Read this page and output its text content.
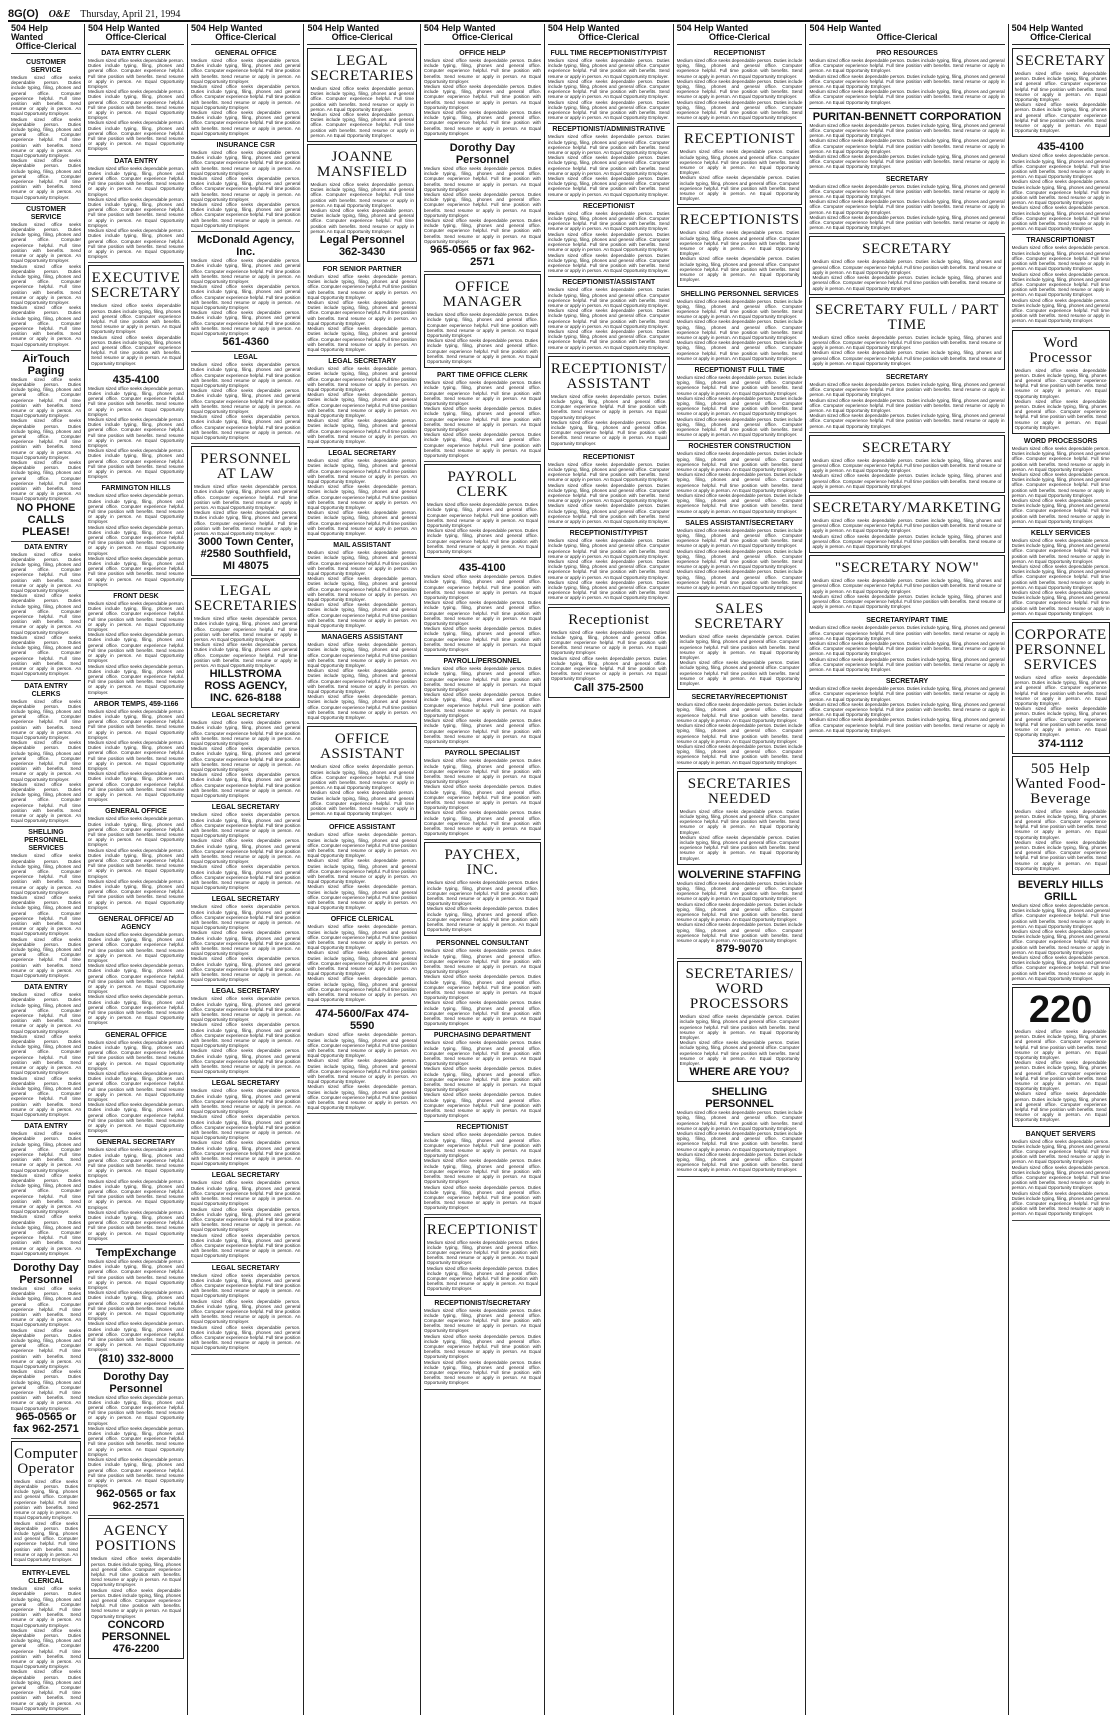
8G(O) O&E Thursday, April 21, 1994
504 Help Wanted
Office-Clerical
CUSTOMER SERVICE
Medium sized office seeks dependable person. Duties include typing, filing, phones and general office. Computer experience helpful. Full time position with benefits. Send resume or apply in person. An Equal Opportunity Employer.
Medium sized office seeks dependable person. Duties include typing, filing, phones and general office. Computer experience helpful. Full time position with benefits. Send resume or apply in person. An Equal Opportunity Employer.
Medium sized office seeks dependable person. Duties include typing, filing, phones and general office. Computer experience helpful. Full time position with benefits. Send resume or apply in person. An Equal Opportunity Employer.
CUSTOMER SERVICE
Medium sized office seeks dependable person. Duties include typing, filing, phones and general office. Computer experience helpful. Full time position with benefits. Send resume or apply in person. An Equal Opportunity Employer.
Medium sized office seeks dependable person. Duties include typing, filing, phones and general office. Computer experience helpful. Full time position with benefits. Send resume or apply in person. An Equal Opportunity Employer.
Medium sized office seeks dependable person. Duties include typing, filing, phones and general office. Computer experience helpful. Full time position with benefits. Send resume or apply in person. An Equal Opportunity Employer.
AirTouch Paging
Medium sized office seeks dependable person. Duties include typing, filing, phones and general office. Computer experience helpful. Full time position with benefits. Send resume or apply in person. An Equal Opportunity Employer.
Medium sized office seeks dependable person. Duties include typing, filing, phones and general office. Computer experience helpful. Full time position with benefits. Send resume or apply in person. An Equal Opportunity Employer.
Medium sized office seeks dependable person. Duties include typing, filing, phones and general office. Computer experience helpful. Full time position with benefits. Send resume or apply in person. An Equal Opportunity Employer.
NO PHONE CALLS PLEASE!
DATA ENTRY
Medium sized office seeks dependable person. Duties include typing, filing, phones and general office. Computer experience helpful. Full time position with benefits. Send resume or apply in person. An Equal Opportunity Employer.
Medium sized office seeks dependable person. Duties include typing, filing, phones and general office. Computer experience helpful. Full time position with benefits. Send resume or apply in person. An Equal Opportunity Employer.
Medium sized office seeks dependable person. Duties include typing, filing, phones and general office. Computer experience helpful. Full time position with benefits. Send resume or apply in person. An Equal Opportunity Employer.
DATA ENTRY CLERKS
Medium sized office seeks dependable person. Duties include typing, filing, phones and general office. Computer experience helpful. Full time position with benefits. Send resume or apply in person. An Equal Opportunity Employer.
Medium sized office seeks dependable person. Duties include typing, filing, phones and general office. Computer experience helpful. Full time position with benefits. Send resume or apply in person. An Equal Opportunity Employer.
Medium sized office seeks dependable person. Duties include typing, filing, phones and general office. Computer experience helpful. Full time position with benefits. Send resume or apply in person. An Equal Opportunity Employer.
SHELLING PERSONNEL SERVICES
Medium sized office seeks dependable person. Duties include typing, filing, phones and general office. Computer experience helpful. Full time position with benefits. Send resume or apply in person. An Equal Opportunity Employer.
Medium sized office seeks dependable person. Duties include typing, filing, phones and general office. Computer experience helpful. Full time position with benefits. Send resume or apply in person. An Equal Opportunity Employer.
Medium sized office seeks dependable person. Duties include typing, filing, phones and general office. Computer experience helpful. Full time position with benefits. Send resume or apply in person. An Equal Opportunity Employer.
DATA ENTRY
Medium sized office seeks dependable person. Duties include typing, filing, phones and general office. Computer experience helpful. Full time position with benefits. Send resume or apply in person. An Equal Opportunity Employer.
Medium sized office seeks dependable person. Duties include typing, filing, phones and general office. Computer experience helpful. Full time position with benefits. Send resume or apply in person. An Equal Opportunity Employer.
Medium sized office seeks dependable person. Duties include typing, filing, phones and general office. Computer experience helpful. Full time position with benefits. Send resume or apply in person. An Equal Opportunity Employer.
DATA ENTRY
Medium sized office seeks dependable person. Duties include typing, filing, phones and general office. Computer experience helpful. Full time position with benefits. Send resume or apply in person. An Equal Opportunity Employer.
Medium sized office seeks dependable person. Duties include typing, filing, phones and general office. Computer experience helpful. Full time position with benefits. Send resume or apply in person. An Equal Opportunity Employer.
Medium sized office seeks dependable person. Duties include typing, filing, phones and general office. Computer experience helpful. Full time position with benefits. Send resume or apply in person. An Equal Opportunity Employer.
Dorothy Day Personnel
Medium sized office seeks dependable person. Duties include typing, filing, phones and general office. Computer experience helpful. Full time position with benefits. Send resume or apply in person. An Equal Opportunity Employer.
Medium sized office seeks dependable person. Duties include typing, filing, phones and general office. Computer experience helpful. Full time position with benefits. Send resume or apply in person. An Equal Opportunity Employer.
Medium sized office seeks dependable person. Duties include typing, filing, phones and general office. Computer experience helpful. Full time position with benefits. Send resume or apply in person. An Equal Opportunity Employer.
965-0565 or fax 962-2571
Computer Operator
Medium sized office seeks dependable person. Duties include typing, filing, phones and general office. Computer experience helpful. Full time position with benefits. Send resume or apply in person. An Equal Opportunity Employer.
Medium sized office seeks dependable person. Duties include typing, filing, phones and general office. Computer experience helpful. Full time position with benefits. Send resume or apply in person. An Equal Opportunity Employer.
ENTRY-LEVEL CLERICAL
Medium sized office seeks dependable person. Duties include typing, filing, phones and general office. Computer experience helpful. Full time position with benefits. Send resume or apply in person. An Equal Opportunity Employer.
Medium sized office seeks dependable person. Duties include typing, filing, phones and general office. Computer experience helpful. Full time position with benefits. Send resume or apply in person. An Equal Opportunity Employer.
Medium sized office seeks dependable person. Duties include typing, filing, phones and general office. Computer experience helpful. Full time position with benefits. Send resume or apply in person. An Equal Opportunity Employer.
504 Help Wanted
Office-Clerical
DATA ENTRY CLERK
Medium sized office seeks dependable person. Duties include typing, filing, phones and general office. Computer experience helpful. Full time position with benefits. Send resume or apply in person. An Equal Opportunity Employer.
Medium sized office seeks dependable person. Duties include typing, filing, phones and general office. Computer experience helpful. Full time position with benefits. Send resume or apply in person. An Equal Opportunity Employer.
Medium sized office seeks dependable person. Duties include typing, filing, phones and general office. Computer experience helpful. Full time position with benefits. Send resume or apply in person. An Equal Opportunity Employer.
DATA ENTRY
Medium sized office seeks dependable person. Duties include typing, filing, phones and general office. Computer experience helpful. Full time position with benefits. Send resume or apply in person. An Equal Opportunity Employer.
Medium sized office seeks dependable person. Duties include typing, filing, phones and general office. Computer experience helpful. Full time position with benefits. Send resume or apply in person. An Equal Opportunity Employer.
Medium sized office seeks dependable person. Duties include typing, filing, phones and general office. Computer experience helpful. Full time position with benefits. Send resume or apply in person. An Equal Opportunity Employer.
EXECUTIVE SECRETARY
Medium sized office seeks dependable person. Duties include typing, filing, phones and general office. Computer experience helpful. Full time position with benefits. Send resume or apply in person. An Equal Opportunity Employer.
Medium sized office seeks dependable person. Duties include typing, filing, phones and general office. Computer experience helpful. Full time position with benefits. Send resume or apply in person. An Equal Opportunity Employer.
435-4100
Medium sized office seeks dependable person. Duties include typing, filing, phones and general office. Computer experience helpful. Full time position with benefits. Send resume or apply in person. An Equal Opportunity Employer.
Medium sized office seeks dependable person. Duties include typing, filing, phones and general office. Computer experience helpful. Full time position with benefits. Send resume or apply in person. An Equal Opportunity Employer.
Medium sized office seeks dependable person. Duties include typing, filing, phones and general office. Computer experience helpful. Full time position with benefits. Send resume or apply in person. An Equal Opportunity Employer.
FARMINGTON HILLS
Medium sized office seeks dependable person. Duties include typing, filing, phones and general office. Computer experience helpful. Full time position with benefits. Send resume or apply in person. An Equal Opportunity Employer.
Medium sized office seeks dependable person. Duties include typing, filing, phones and general office. Computer experience helpful. Full time position with benefits. Send resume or apply in person. An Equal Opportunity Employer.
Medium sized office seeks dependable person. Duties include typing, filing, phones and general office. Computer experience helpful. Full time position with benefits. Send resume or apply in person. An Equal Opportunity Employer.
FRONT DESK
Medium sized office seeks dependable person. Duties include typing, filing, phones and general office. Computer experience helpful. Full time position with benefits. Send resume or apply in person. An Equal Opportunity Employer.
Medium sized office seeks dependable person. Duties include typing, filing, phones and general office. Computer experience helpful. Full time position with benefits. Send resume or apply in person. An Equal Opportunity Employer.
Medium sized office seeks dependable person. Duties include typing, filing, phones and general office. Computer experience helpful. Full time position with benefits. Send resume or apply in person. An Equal Opportunity Employer.
ARBOR TEMPS, 459-1166
Medium sized office seeks dependable person. Duties include typing, filing, phones and general office. Computer experience helpful. Full time position with benefits. Send resume or apply in person. An Equal Opportunity Employer.
Medium sized office seeks dependable person. Duties include typing, filing, phones and general office. Computer experience helpful. Full time position with benefits. Send resume or apply in person. An Equal Opportunity Employer.
Medium sized office seeks dependable person. Duties include typing, filing, phones and general office. Computer experience helpful. Full time position with benefits. Send resume or apply in person. An Equal Opportunity Employer.
GENERAL OFFICE
Medium sized office seeks dependable person. Duties include typing, filing, phones and general office. Computer experience helpful. Full time position with benefits. Send resume or apply in person. An Equal Opportunity Employer.
Medium sized office seeks dependable person. Duties include typing, filing, phones and general office. Computer experience helpful. Full time position with benefits. Send resume or apply in person. An Equal Opportunity Employer.
Medium sized office seeks dependable person. Duties include typing, filing, phones and general office. Computer experience helpful. Full time position with benefits. Send resume or apply in person. An Equal Opportunity Employer.
GENERAL OFFICE/ AD AGENCY
Medium sized office seeks dependable person. Duties include typing, filing, phones and general office. Computer experience helpful. Full time position with benefits. Send resume or apply in person. An Equal Opportunity Employer.
Medium sized office seeks dependable person. Duties include typing, filing, phones and general office. Computer experience helpful. Full time position with benefits. Send resume or apply in person. An Equal Opportunity Employer.
Medium sized office seeks dependable person. Duties include typing, filing, phones and general office. Computer experience helpful. Full time position with benefits. Send resume or apply in person. An Equal Opportunity Employer.
GENERAL OFFICE
Medium sized office seeks dependable person. Duties include typing, filing, phones and general office. Computer experience helpful. Full time position with benefits. Send resume or apply in person. An Equal Opportunity Employer.
Medium sized office seeks dependable person. Duties include typing, filing, phones and general office. Computer experience helpful. Full time position with benefits. Send resume or apply in person. An Equal Opportunity Employer.
Medium sized office seeks dependable person. Duties include typing, filing, phones and general office. Computer experience helpful. Full time position with benefits. Send resume or apply in person. An Equal Opportunity Employer.
GENERAL SECRETARY
Medium sized office seeks dependable person. Duties include typing, filing, phones and general office. Computer experience helpful. Full time position with benefits. Send resume or apply in person. An Equal Opportunity Employer.
Medium sized office seeks dependable person. Duties include typing, filing, phones and general office. Computer experience helpful. Full time position with benefits. Send resume or apply in person. An Equal Opportunity Employer.
Medium sized office seeks dependable person. Duties include typing, filing, phones and general office. Computer experience helpful. Full time position with benefits. Send resume or apply in person. An Equal Opportunity Employer.
TempExchange
Medium sized office seeks dependable person. Duties include typing, filing, phones and general office. Computer experience helpful. Full time position with benefits. Send resume or apply in person. An Equal Opportunity Employer.
Medium sized office seeks dependable person. Duties include typing, filing, phones and general office. Computer experience helpful. Full time position with benefits. Send resume or apply in person. An Equal Opportunity Employer.
Medium sized office seeks dependable person. Duties include typing, filing, phones and general office. Computer experience helpful. Full time position with benefits. Send resume or apply in person. An Equal Opportunity Employer.
(810) 332-8000
Dorothy Day Personnel
Medium sized office seeks dependable person. Duties include typing, filing, phones and general office. Computer experience helpful. Full time position with benefits. Send resume or apply in person. An Equal Opportunity Employer.
Medium sized office seeks dependable person. Duties include typing, filing, phones and general office. Computer experience helpful. Full time position with benefits. Send resume or apply in person. An Equal Opportunity Employer.
Medium sized office seeks dependable person. Duties include typing, filing, phones and general office. Computer experience helpful. Full time position with benefits. Send resume or apply in person. An Equal Opportunity Employer.
962-0565 or fax 962-2571
AGENCY POSITIONS
Medium sized office seeks dependable person. Duties include typing, filing, phones and general office. Computer experience helpful. Full time position with benefits. Send resume or apply in person. An Equal Opportunity Employer.
Medium sized office seeks dependable person. Duties include typing, filing, phones and general office. Computer experience helpful. Full time position with benefits. Send resume or apply in person. An Equal Opportunity Employer.
CONCORD PERSONNEL 476-2200
504 Help Wanted
Office-Clerical
GENERAL OFFICE
Medium sized office seeks dependable person. Duties include typing, filing, phones and general office. Computer experience helpful. Full time position with benefits. Send resume or apply in person. An Equal Opportunity Employer.
Medium sized office seeks dependable person. Duties include typing, filing, phones and general office. Computer experience helpful. Full time position with benefits. Send resume or apply in person. An Equal Opportunity Employer.
Medium sized office seeks dependable person. Duties include typing, filing, phones and general office. Computer experience helpful. Full time position with benefits. Send resume or apply in person. An Equal Opportunity Employer.
INSURANCE CSR
Medium sized office seeks dependable person. Duties include typing, filing, phones and general office. Computer experience helpful. Full time position with benefits. Send resume or apply in person. An Equal Opportunity Employer.
Medium sized office seeks dependable person. Duties include typing, filing, phones and general office. Computer experience helpful. Full time position with benefits. Send resume or apply in person. An Equal Opportunity Employer.
Medium sized office seeks dependable person. Duties include typing, filing, phones and general office. Computer experience helpful. Full time position with benefits. Send resume or apply in person. An Equal Opportunity Employer.
McDonald Agency, Inc.
Medium sized office seeks dependable person. Duties include typing, filing, phones and general office. Computer experience helpful. Full time position with benefits. Send resume or apply in person. An Equal Opportunity Employer.
Medium sized office seeks dependable person. Duties include typing, filing, phones and general office. Computer experience helpful. Full time position with benefits. Send resume or apply in person. An Equal Opportunity Employer.
Medium sized office seeks dependable person. Duties include typing, filing, phones and general office. Computer experience helpful. Full time position with benefits. Send resume or apply in person. An Equal Opportunity Employer.
561-4360
LEGAL
Medium sized office seeks dependable person. Duties include typing, filing, phones and general office. Computer experience helpful. Full time position with benefits. Send resume or apply in person. An Equal Opportunity Employer.
Medium sized office seeks dependable person. Duties include typing, filing, phones and general office. Computer experience helpful. Full time position with benefits. Send resume or apply in person. An Equal Opportunity Employer.
Medium sized office seeks dependable person. Duties include typing, filing, phones and general office. Computer experience helpful. Full time position with benefits. Send resume or apply in person. An Equal Opportunity Employer.
PERSONNEL AT LAW
Medium sized office seeks dependable person. Duties include typing, filing, phones and general office. Computer experience helpful. Full time position with benefits. Send resume or apply in person. An Equal Opportunity Employer.
Medium sized office seeks dependable person. Duties include typing, filing, phones and general office. Computer experience helpful. Full time position with benefits. Send resume or apply in person. An Equal Opportunity Employer.
3000 Town Center, #2580 Southfield, MI 48075
LEGAL SECRETARIES
Medium sized office seeks dependable person. Duties include typing, filing, phones and general office. Computer experience helpful. Full time position with benefits. Send resume or apply in person. An Equal Opportunity Employer.
Medium sized office seeks dependable person. Duties include typing, filing, phones and general office. Computer experience helpful. Full time position with benefits. Send resume or apply in person. An Equal Opportunity Employer.
HILLSTROMA ROSS AGENCY, INC. 626-8188
LEGAL SECRETARY
Medium sized office seeks dependable person. Duties include typing, filing, phones and general office. Computer experience helpful. Full time position with benefits. Send resume or apply in person. An Equal Opportunity Employer.
Medium sized office seeks dependable person. Duties include typing, filing, phones and general office. Computer experience helpful. Full time position with benefits. Send resume or apply in person. An Equal Opportunity Employer.
Medium sized office seeks dependable person. Duties include typing, filing, phones and general office. Computer experience helpful. Full time position with benefits. Send resume or apply in person. An Equal Opportunity Employer.
LEGAL SECRETARY
Medium sized office seeks dependable person. Duties include typing, filing, phones and general office. Computer experience helpful. Full time position with benefits. Send resume or apply in person. An Equal Opportunity Employer.
Medium sized office seeks dependable person. Duties include typing, filing, phones and general office. Computer experience helpful. Full time position with benefits. Send resume or apply in person. An Equal Opportunity Employer.
Medium sized office seeks dependable person. Duties include typing, filing, phones and general office. Computer experience helpful. Full time position with benefits. Send resume or apply in person. An Equal Opportunity Employer.
LEGAL SECRETARY
Medium sized office seeks dependable person. Duties include typing, filing, phones and general office. Computer experience helpful. Full time position with benefits. Send resume or apply in person. An Equal Opportunity Employer.
Medium sized office seeks dependable person. Duties include typing, filing, phones and general office. Computer experience helpful. Full time position with benefits. Send resume or apply in person. An Equal Opportunity Employer.
Medium sized office seeks dependable person. Duties include typing, filing, phones and general office. Computer experience helpful. Full time position with benefits. Send resume or apply in person. An Equal Opportunity Employer.
LEGAL SECRETARY
Medium sized office seeks dependable person. Duties include typing, filing, phones and general office. Computer experience helpful. Full time position with benefits. Send resume or apply in person. An Equal Opportunity Employer.
Medium sized office seeks dependable person. Duties include typing, filing, phones and general office. Computer experience helpful. Full time position with benefits. Send resume or apply in person. An Equal Opportunity Employer.
Medium sized office seeks dependable person. Duties include typing, filing, phones and general office. Computer experience helpful. Full time position with benefits. Send resume or apply in person. An Equal Opportunity Employer.
LEGAL SECRETARY
Medium sized office seeks dependable person. Duties include typing, filing, phones and general office. Computer experience helpful. Full time position with benefits. Send resume or apply in person. An Equal Opportunity Employer.
Medium sized office seeks dependable person. Duties include typing, filing, phones and general office. Computer experience helpful. Full time position with benefits. Send resume or apply in person. An Equal Opportunity Employer.
Medium sized office seeks dependable person. Duties include typing, filing, phones and general office. Computer experience helpful. Full time position with benefits. Send resume or apply in person. An Equal Opportunity Employer.
LEGAL SECRETARY
Medium sized office seeks dependable person. Duties include typing, filing, phones and general office. Computer experience helpful. Full time position with benefits. Send resume or apply in person. An Equal Opportunity Employer.
Medium sized office seeks dependable person. Duties include typing, filing, phones and general office. Computer experience helpful. Full time position with benefits. Send resume or apply in person. An Equal Opportunity Employer.
Medium sized office seeks dependable person. Duties include typing, filing, phones and general office. Computer experience helpful. Full time position with benefits. Send resume or apply in person. An Equal Opportunity Employer.
LEGAL SECRETARY
Medium sized office seeks dependable person. Duties include typing, filing, phones and general office. Computer experience helpful. Full time position with benefits. Send resume or apply in person. An Equal Opportunity Employer.
Medium sized office seeks dependable person. Duties include typing, filing, phones and general office. Computer experience helpful. Full time position with benefits. Send resume or apply in person. An Equal Opportunity Employer.
Medium sized office seeks dependable person. Duties include typing, filing, phones and general office. Computer experience helpful. Full time position with benefits. Send resume or apply in person. An Equal Opportunity Employer.
504 Help Wanted
Office-Clerical
LEGAL SECRETARIES
Medium sized office seeks dependable person. Duties include typing, filing, phones and general office. Computer experience helpful. Full time position with benefits. Send resume or apply in person. An Equal Opportunity Employer.
Medium sized office seeks dependable person. Duties include typing, filing, phones and general office. Computer experience helpful. Full time position with benefits. Send resume or apply in person. An Equal Opportunity Employer.
JOANNE MANSFIELD
Medium sized office seeks dependable person. Duties include typing, filing, phones and general office. Computer experience helpful. Full time position with benefits. Send resume or apply in person. An Equal Opportunity Employer.
Medium sized office seeks dependable person. Duties include typing, filing, phones and general office. Computer experience helpful. Full time position with benefits. Send resume or apply in person. An Equal Opportunity Employer.
Legal Personnel 362-3430
FOR SENIOR PARTNER
Medium sized office seeks dependable person. Duties include typing, filing, phones and general office. Computer experience helpful. Full time position with benefits. Send resume or apply in person. An Equal Opportunity Employer.
Medium sized office seeks dependable person. Duties include typing, filing, phones and general office. Computer experience helpful. Full time position with benefits. Send resume or apply in person. An Equal Opportunity Employer.
Medium sized office seeks dependable person. Duties include typing, filing, phones and general office. Computer experience helpful. Full time position with benefits. Send resume or apply in person. An Equal Opportunity Employer.
LEGAL SECRETARY
Medium sized office seeks dependable person. Duties include typing, filing, phones and general office. Computer experience helpful. Full time position with benefits. Send resume or apply in person. An Equal Opportunity Employer.
Medium sized office seeks dependable person. Duties include typing, filing, phones and general office. Computer experience helpful. Full time position with benefits. Send resume or apply in person. An Equal Opportunity Employer.
Medium sized office seeks dependable person. Duties include typing, filing, phones and general office. Computer experience helpful. Full time position with benefits. Send resume or apply in person. An Equal Opportunity Employer.
LEGAL SECRETARY
Medium sized office seeks dependable person. Duties include typing, filing, phones and general office. Computer experience helpful. Full time position with benefits. Send resume or apply in person. An Equal Opportunity Employer.
Medium sized office seeks dependable person. Duties include typing, filing, phones and general office. Computer experience helpful. Full time position with benefits. Send resume or apply in person. An Equal Opportunity Employer.
Medium sized office seeks dependable person. Duties include typing, filing, phones and general office. Computer experience helpful. Full time position with benefits. Send resume or apply in person. An Equal Opportunity Employer.
MAIL ASSISTANT
Medium sized office seeks dependable person. Duties include typing, filing, phones and general office. Computer experience helpful. Full time position with benefits. Send resume or apply in person. An Equal Opportunity Employer.
Medium sized office seeks dependable person. Duties include typing, filing, phones and general office. Computer experience helpful. Full time position with benefits. Send resume or apply in person. An Equal Opportunity Employer.
Medium sized office seeks dependable person. Duties include typing, filing, phones and general office. Computer experience helpful. Full time position with benefits. Send resume or apply in person. An Equal Opportunity Employer.
MANAGERS ASSISTANT
Medium sized office seeks dependable person. Duties include typing, filing, phones and general office. Computer experience helpful. Full time position with benefits. Send resume or apply in person. An Equal Opportunity Employer.
Medium sized office seeks dependable person. Duties include typing, filing, phones and general office. Computer experience helpful. Full time position with benefits. Send resume or apply in person. An Equal Opportunity Employer.
Medium sized office seeks dependable person. Duties include typing, filing, phones and general office. Computer experience helpful. Full time position with benefits. Send resume or apply in person. An Equal Opportunity Employer.
OFFICE ASSISTANT
Medium sized office seeks dependable person. Duties include typing, filing, phones and general office. Computer experience helpful. Full time position with benefits. Send resume or apply in person. An Equal Opportunity Employer.
Medium sized office seeks dependable person. Duties include typing, filing, phones and general office. Computer experience helpful. Full time position with benefits. Send resume or apply in person. An Equal Opportunity Employer.
OFFICE ASSISTANT
Medium sized office seeks dependable person. Duties include typing, filing, phones and general office. Computer experience helpful. Full time position with benefits. Send resume or apply in person. An Equal Opportunity Employer.
Medium sized office seeks dependable person. Duties include typing, filing, phones and general office. Computer experience helpful. Full time position with benefits. Send resume or apply in person. An Equal Opportunity Employer.
Medium sized office seeks dependable person. Duties include typing, filing, phones and general office. Computer experience helpful. Full time position with benefits. Send resume or apply in person. An Equal Opportunity Employer.
OFFICE CLERICAL
Medium sized office seeks dependable person. Duties include typing, filing, phones and general office. Computer experience helpful. Full time position with benefits. Send resume or apply in person. An Equal Opportunity Employer.
Medium sized office seeks dependable person. Duties include typing, filing, phones and general office. Computer experience helpful. Full time position with benefits. Send resume or apply in person. An Equal Opportunity Employer.
Medium sized office seeks dependable person. Duties include typing, filing, phones and general office. Computer experience helpful. Full time position with benefits. Send resume or apply in person. An Equal Opportunity Employer.
474-5600/Fax 474-5590
Medium sized office seeks dependable person. Duties include typing, filing, phones and general office. Computer experience helpful. Full time position with benefits. Send resume or apply in person. An Equal Opportunity Employer.
Medium sized office seeks dependable person. Duties include typing, filing, phones and general office. Computer experience helpful. Full time position with benefits. Send resume or apply in person. An Equal Opportunity Employer.
Medium sized office seeks dependable person. Duties include typing, filing, phones and general office. Computer experience helpful. Full time position with benefits. Send resume or apply in person. An Equal Opportunity Employer.
504 Help Wanted
Office-Clerical
OFFICE HELP
Medium sized office seeks dependable person. Duties include typing, filing, phones and general office. Computer experience helpful. Full time position with benefits. Send resume or apply in person. An Equal Opportunity Employer.
Medium sized office seeks dependable person. Duties include typing, filing, phones and general office. Computer experience helpful. Full time position with benefits. Send resume or apply in person. An Equal Opportunity Employer.
Medium sized office seeks dependable person. Duties include typing, filing, phones and general office. Computer experience helpful. Full time position with benefits. Send resume or apply in person. An Equal Opportunity Employer.
Dorothy Day Personnel
Medium sized office seeks dependable person. Duties include typing, filing, phones and general office. Computer experience helpful. Full time position with benefits. Send resume or apply in person. An Equal Opportunity Employer.
Medium sized office seeks dependable person. Duties include typing, filing, phones and general office. Computer experience helpful. Full time position with benefits. Send resume or apply in person. An Equal Opportunity Employer.
Medium sized office seeks dependable person. Duties include typing, filing, phones and general office. Computer experience helpful. Full time position with benefits. Send resume or apply in person. An Equal Opportunity Employer.
965-0565 or fax 962-2571
OFFICE MANAGER
Medium sized office seeks dependable person. Duties include typing, filing, phones and general office. Computer experience helpful. Full time position with benefits. Send resume or apply in person. An Equal Opportunity Employer.
Medium sized office seeks dependable person. Duties include typing, filing, phones and general office. Computer experience helpful. Full time position with benefits. Send resume or apply in person. An Equal Opportunity Employer.
PART TIME OFFICE CLERK
Medium sized office seeks dependable person. Duties include typing, filing, phones and general office. Computer experience helpful. Full time position with benefits. Send resume or apply in person. An Equal Opportunity Employer.
Medium sized office seeks dependable person. Duties include typing, filing, phones and general office. Computer experience helpful. Full time position with benefits. Send resume or apply in person. An Equal Opportunity Employer.
Medium sized office seeks dependable person. Duties include typing, filing, phones and general office. Computer experience helpful. Full time position with benefits. Send resume or apply in person. An Equal Opportunity Employer.
PAYROLL CLERK
Medium sized office seeks dependable person. Duties include typing, filing, phones and general office. Computer experience helpful. Full time position with benefits. Send resume or apply in person. An Equal Opportunity Employer.
Medium sized office seeks dependable person. Duties include typing, filing, phones and general office. Computer experience helpful. Full time position with benefits. Send resume or apply in person. An Equal Opportunity Employer.
435-4100
Medium sized office seeks dependable person. Duties include typing, filing, phones and general office. Computer experience helpful. Full time position with benefits. Send resume or apply in person. An Equal Opportunity Employer.
Medium sized office seeks dependable person. Duties include typing, filing, phones and general office. Computer experience helpful. Full time position with benefits. Send resume or apply in person. An Equal Opportunity Employer.
Medium sized office seeks dependable person. Duties include typing, filing, phones and general office. Computer experience helpful. Full time position with benefits. Send resume or apply in person. An Equal Opportunity Employer.
PAYROLL/PERSONNEL
Medium sized office seeks dependable person. Duties include typing, filing, phones and general office. Computer experience helpful. Full time position with benefits. Send resume or apply in person. An Equal Opportunity Employer.
Medium sized office seeks dependable person. Duties include typing, filing, phones and general office. Computer experience helpful. Full time position with benefits. Send resume or apply in person. An Equal Opportunity Employer.
Medium sized office seeks dependable person. Duties include typing, filing, phones and general office. Computer experience helpful. Full time position with benefits. Send resume or apply in person. An Equal Opportunity Employer.
PAYROLL SPECIALIST
Medium sized office seeks dependable person. Duties include typing, filing, phones and general office. Computer experience helpful. Full time position with benefits. Send resume or apply in person. An Equal Opportunity Employer.
Medium sized office seeks dependable person. Duties include typing, filing, phones and general office. Computer experience helpful. Full time position with benefits. Send resume or apply in person. An Equal Opportunity Employer.
Medium sized office seeks dependable person. Duties include typing, filing, phones and general office. Computer experience helpful. Full time position with benefits. Send resume or apply in person. An Equal Opportunity Employer.
PAYCHEX, INC.
Medium sized office seeks dependable person. Duties include typing, filing, phones and general office. Computer experience helpful. Full time position with benefits. Send resume or apply in person. An Equal Opportunity Employer.
Medium sized office seeks dependable person. Duties include typing, filing, phones and general office. Computer experience helpful. Full time position with benefits. Send resume or apply in person. An Equal Opportunity Employer.
PERSONNEL CONSULTANT
Medium sized office seeks dependable person. Duties include typing, filing, phones and general office. Computer experience helpful. Full time position with benefits. Send resume or apply in person. An Equal Opportunity Employer.
Medium sized office seeks dependable person. Duties include typing, filing, phones and general office. Computer experience helpful. Full time position with benefits. Send resume or apply in person. An Equal Opportunity Employer.
Medium sized office seeks dependable person. Duties include typing, filing, phones and general office. Computer experience helpful. Full time position with benefits. Send resume or apply in person. An Equal Opportunity Employer.
PURCHASING DEPARTMENT
Medium sized office seeks dependable person. Duties include typing, filing, phones and general office. Computer experience helpful. Full time position with benefits. Send resume or apply in person. An Equal Opportunity Employer.
Medium sized office seeks dependable person. Duties include typing, filing, phones and general office. Computer experience helpful. Full time position with benefits. Send resume or apply in person. An Equal Opportunity Employer.
Medium sized office seeks dependable person. Duties include typing, filing, phones and general office. Computer experience helpful. Full time position with benefits. Send resume or apply in person. An Equal Opportunity Employer.
RECEPTIONIST
Medium sized office seeks dependable person. Duties include typing, filing, phones and general office. Computer experience helpful. Full time position with benefits. Send resume or apply in person. An Equal Opportunity Employer.
Medium sized office seeks dependable person. Duties include typing, filing, phones and general office. Computer experience helpful. Full time position with benefits. Send resume or apply in person. An Equal Opportunity Employer.
Medium sized office seeks dependable person. Duties include typing, filing, phones and general office. Computer experience helpful. Full time position with benefits. Send resume or apply in person. An Equal Opportunity Employer.
RECEPTIONIST
Medium sized office seeks dependable person. Duties include typing, filing, phones and general office. Computer experience helpful. Full time position with benefits. Send resume or apply in person. An Equal Opportunity Employer.
Medium sized office seeks dependable person. Duties include typing, filing, phones and general office. Computer experience helpful. Full time position with benefits. Send resume or apply in person. An Equal Opportunity Employer.
RECEPTIONIST/SECRETARY
Medium sized office seeks dependable person. Duties include typing, filing, phones and general office. Computer experience helpful. Full time position with benefits. Send resume or apply in person. An Equal Opportunity Employer.
Medium sized office seeks dependable person. Duties include typing, filing, phones and general office. Computer experience helpful. Full time position with benefits. Send resume or apply in person. An Equal Opportunity Employer.
Medium sized office seeks dependable person. Duties include typing, filing, phones and general office. Computer experience helpful. Full time position with benefits. Send resume or apply in person. An Equal Opportunity Employer.
504 Help Wanted
Office-Clerical
FULL TIME RECEPTIONIST/TYPIST
Medium sized office seeks dependable person. Duties include typing, filing, phones and general office. Computer experience helpful. Full time position with benefits. Send resume or apply in person. An Equal Opportunity Employer.
Medium sized office seeks dependable person. Duties include typing, filing, phones and general office. Computer experience helpful. Full time position with benefits. Send resume or apply in person. An Equal Opportunity Employer.
Medium sized office seeks dependable person. Duties include typing, filing, phones and general office. Computer experience helpful. Full time position with benefits. Send resume or apply in person. An Equal Opportunity Employer.
RECEPTIONIST/ADMINISTRATIVE
Medium sized office seeks dependable person. Duties include typing, filing, phones and general office. Computer experience helpful. Full time position with benefits. Send resume or apply in person. An Equal Opportunity Employer.
Medium sized office seeks dependable person. Duties include typing, filing, phones and general office. Computer experience helpful. Full time position with benefits. Send resume or apply in person. An Equal Opportunity Employer.
Medium sized office seeks dependable person. Duties include typing, filing, phones and general office. Computer experience helpful. Full time position with benefits. Send resume or apply in person. An Equal Opportunity Employer.
RECEPTIONIST
Medium sized office seeks dependable person. Duties include typing, filing, phones and general office. Computer experience helpful. Full time position with benefits. Send resume or apply in person. An Equal Opportunity Employer.
Medium sized office seeks dependable person. Duties include typing, filing, phones and general office. Computer experience helpful. Full time position with benefits. Send resume or apply in person. An Equal Opportunity Employer.
Medium sized office seeks dependable person. Duties include typing, filing, phones and general office. Computer experience helpful. Full time position with benefits. Send resume or apply in person. An Equal Opportunity Employer.
RECEPTIONIST/ASSISTANT
Medium sized office seeks dependable person. Duties include typing, filing, phones and general office. Computer experience helpful. Full time position with benefits. Send resume or apply in person. An Equal Opportunity Employer.
Medium sized office seeks dependable person. Duties include typing, filing, phones and general office. Computer experience helpful. Full time position with benefits. Send resume or apply in person. An Equal Opportunity Employer.
Medium sized office seeks dependable person. Duties include typing, filing, phones and general office. Computer experience helpful. Full time position with benefits. Send resume or apply in person. An Equal Opportunity Employer.
RECEPTIONIST/ ASSISTANT
Medium sized office seeks dependable person. Duties include typing, filing, phones and general office. Computer experience helpful. Full time position with benefits. Send resume or apply in person. An Equal Opportunity Employer.
Medium sized office seeks dependable person. Duties include typing, filing, phones and general office. Computer experience helpful. Full time position with benefits. Send resume or apply in person. An Equal Opportunity Employer.
RECEPTIONIST
Medium sized office seeks dependable person. Duties include typing, filing, phones and general office. Computer experience helpful. Full time position with benefits. Send resume or apply in person. An Equal Opportunity Employer.
Medium sized office seeks dependable person. Duties include typing, filing, phones and general office. Computer experience helpful. Full time position with benefits. Send resume or apply in person. An Equal Opportunity Employer.
Medium sized office seeks dependable person. Duties include typing, filing, phones and general office. Computer experience helpful. Full time position with benefits. Send resume or apply in person. An Equal Opportunity Employer.
RECEPTIONIST/TYPIST
Medium sized office seeks dependable person. Duties include typing, filing, phones and general office. Computer experience helpful. Full time position with benefits. Send resume or apply in person. An Equal Opportunity Employer.
Medium sized office seeks dependable person. Duties include typing, filing, phones and general office. Computer experience helpful. Full time position with benefits. Send resume or apply in person. An Equal Opportunity Employer.
Medium sized office seeks dependable person. Duties include typing, filing, phones and general office. Computer experience helpful. Full time position with benefits. Send resume or apply in person. An Equal Opportunity Employer.
Receptionist
Medium sized office seeks dependable person. Duties include typing, filing, phones and general office. Computer experience helpful. Full time position with benefits. Send resume or apply in person. An Equal Opportunity Employer.
Medium sized office seeks dependable person. Duties include typing, filing, phones and general office. Computer experience helpful. Full time position with benefits. Send resume or apply in person. An Equal Opportunity Employer.
Call 375-2500
504 Help Wanted
Office-Clerical
RECEPTIONIST
Medium sized office seeks dependable person. Duties include typing, filing, phones and general office. Computer experience helpful. Full time position with benefits. Send resume or apply in person. An Equal Opportunity Employer.
Medium sized office seeks dependable person. Duties include typing, filing, phones and general office. Computer experience helpful. Full time position with benefits. Send resume or apply in person. An Equal Opportunity Employer.
Medium sized office seeks dependable person. Duties include typing, filing, phones and general office. Computer experience helpful. Full time position with benefits. Send resume or apply in person. An Equal Opportunity Employer.
RECEPTIONIST
Medium sized office seeks dependable person. Duties include typing, filing, phones and general office. Computer experience helpful. Full time position with benefits. Send resume or apply in person. An Equal Opportunity Employer.
Medium sized office seeks dependable person. Duties include typing, filing, phones and general office. Computer experience helpful. Full time position with benefits. Send resume or apply in person. An Equal Opportunity Employer.
RECEPTIONISTS
Medium sized office seeks dependable person. Duties include typing, filing, phones and general office. Computer experience helpful. Full time position with benefits. Send resume or apply in person. An Equal Opportunity Employer.
Medium sized office seeks dependable person. Duties include typing, filing, phones and general office. Computer experience helpful. Full time position with benefits. Send resume or apply in person. An Equal Opportunity Employer.
SHELLING PERSONNEL SERVICES
Medium sized office seeks dependable person. Duties include typing, filing, phones and general office. Computer experience helpful. Full time position with benefits. Send resume or apply in person. An Equal Opportunity Employer.
Medium sized office seeks dependable person. Duties include typing, filing, phones and general office. Computer experience helpful. Full time position with benefits. Send resume or apply in person. An Equal Opportunity Employer.
Medium sized office seeks dependable person. Duties include typing, filing, phones and general office. Computer experience helpful. Full time position with benefits. Send resume or apply in person. An Equal Opportunity Employer.
RECEPTIONIST FULL TIME
Medium sized office seeks dependable person. Duties include typing, filing, phones and general office. Computer experience helpful. Full time position with benefits. Send resume or apply in person. An Equal Opportunity Employer.
Medium sized office seeks dependable person. Duties include typing, filing, phones and general office. Computer experience helpful. Full time position with benefits. Send resume or apply in person. An Equal Opportunity Employer.
Medium sized office seeks dependable person. Duties include typing, filing, phones and general office. Computer experience helpful. Full time position with benefits. Send resume or apply in person. An Equal Opportunity Employer.
ROCHESTER CONSTRUCTION
Medium sized office seeks dependable person. Duties include typing, filing, phones and general office. Computer experience helpful. Full time position with benefits. Send resume or apply in person. An Equal Opportunity Employer.
Medium sized office seeks dependable person. Duties include typing, filing, phones and general office. Computer experience helpful. Full time position with benefits. Send resume or apply in person. An Equal Opportunity Employer.
Medium sized office seeks dependable person. Duties include typing, filing, phones and general office. Computer experience helpful. Full time position with benefits. Send resume or apply in person. An Equal Opportunity Employer.
SALES ASSISTANT/SECRETARY
Medium sized office seeks dependable person. Duties include typing, filing, phones and general office. Computer experience helpful. Full time position with benefits. Send resume or apply in person. An Equal Opportunity Employer.
Medium sized office seeks dependable person. Duties include typing, filing, phones and general office. Computer experience helpful. Full time position with benefits. Send resume or apply in person. An Equal Opportunity Employer.
Medium sized office seeks dependable person. Duties include typing, filing, phones and general office. Computer experience helpful. Full time position with benefits. Send resume or apply in person. An Equal Opportunity Employer.
SALES SECRETARY
Medium sized office seeks dependable person. Duties include typing, filing, phones and general office. Computer experience helpful. Full time position with benefits. Send resume or apply in person. An Equal Opportunity Employer.
Medium sized office seeks dependable person. Duties include typing, filing, phones and general office. Computer experience helpful. Full time position with benefits. Send resume or apply in person. An Equal Opportunity Employer.
SECRETARY/RECEPTIONIST
Medium sized office seeks dependable person. Duties include typing, filing, phones and general office. Computer experience helpful. Full time position with benefits. Send resume or apply in person. An Equal Opportunity Employer.
Medium sized office seeks dependable person. Duties include typing, filing, phones and general office. Computer experience helpful. Full time position with benefits. Send resume or apply in person. An Equal Opportunity Employer.
Medium sized office seeks dependable person. Duties include typing, filing, phones and general office. Computer experience helpful. Full time position with benefits. Send resume or apply in person. An Equal Opportunity Employer.
SECRETARIES NEEDED
Medium sized office seeks dependable person. Duties include typing, filing, phones and general office. Computer experience helpful. Full time position with benefits. Send resume or apply in person. An Equal Opportunity Employer.
Medium sized office seeks dependable person. Duties include typing, filing, phones and general office. Computer experience helpful. Full time position with benefits. Send resume or apply in person. An Equal Opportunity Employer.
WOLVERINE STAFFING
Medium sized office seeks dependable person. Duties include typing, filing, phones and general office. Computer experience helpful. Full time position with benefits. Send resume or apply in person. An Equal Opportunity Employer.
Medium sized office seeks dependable person. Duties include typing, filing, phones and general office. Computer experience helpful. Full time position with benefits. Send resume or apply in person. An Equal Opportunity Employer.
Medium sized office seeks dependable person. Duties include typing, filing, phones and general office. Computer experience helpful. Full time position with benefits. Send resume or apply in person. An Equal Opportunity Employer.
879-9070
SECRETARIES/ WORD PROCESSORS
Medium sized office seeks dependable person. Duties include typing, filing, phones and general office. Computer experience helpful. Full time position with benefits. Send resume or apply in person. An Equal Opportunity Employer.
Medium sized office seeks dependable person. Duties include typing, filing, phones and general office. Computer experience helpful. Full time position with benefits. Send resume or apply in person. An Equal Opportunity Employer.
WHERE ARE YOU?
SHELLING PERSONNEL
Medium sized office seeks dependable person. Duties include typing, filing, phones and general office. Computer experience helpful. Full time position with benefits. Send resume or apply in person. An Equal Opportunity Employer.
Medium sized office seeks dependable person. Duties include typing, filing, phones and general office. Computer experience helpful. Full time position with benefits. Send resume or apply in person. An Equal Opportunity Employer.
Medium sized office seeks dependable person. Duties include typing, filing, phones and general office. Computer experience helpful. Full time position with benefits. Send resume or apply in person. An Equal Opportunity Employer.
504 Help Wanted
Office-Clerical
PRO RESOURCES
Medium sized office seeks dependable person. Duties include typing, filing, phones and general office. Computer experience helpful. Full time position with benefits. Send resume or apply in person. An Equal Opportunity Employer.
Medium sized office seeks dependable person. Duties include typing, filing, phones and general office. Computer experience helpful. Full time position with benefits. Send resume or apply in person. An Equal Opportunity Employer.
Medium sized office seeks dependable person. Duties include typing, filing, phones and general office. Computer experience helpful. Full time position with benefits. Send resume or apply in person. An Equal Opportunity Employer.
PURITAN-BENNETT CORPORATION
Medium sized office seeks dependable person. Duties include typing, filing, phones and general office. Computer experience helpful. Full time position with benefits. Send resume or apply in person. An Equal Opportunity Employer.
Medium sized office seeks dependable person. Duties include typing, filing, phones and general office. Computer experience helpful. Full time position with benefits. Send resume or apply in person. An Equal Opportunity Employer.
Medium sized office seeks dependable person. Duties include typing, filing, phones and general office. Computer experience helpful. Full time position with benefits. Send resume or apply in person. An Equal Opportunity Employer.
SECRETARY
Medium sized office seeks dependable person. Duties include typing, filing, phones and general office. Computer experience helpful. Full time position with benefits. Send resume or apply in person. An Equal Opportunity Employer.
Medium sized office seeks dependable person. Duties include typing, filing, phones and general office. Computer experience helpful. Full time position with benefits. Send resume or apply in person. An Equal Opportunity Employer.
Medium sized office seeks dependable person. Duties include typing, filing, phones and general office. Computer experience helpful. Full time position with benefits. Send resume or apply in person. An Equal Opportunity Employer.
SECRETARY
Medium sized office seeks dependable person. Duties include typing, filing, phones and general office. Computer experience helpful. Full time position with benefits. Send resume or apply in person. An Equal Opportunity Employer.
Medium sized office seeks dependable person. Duties include typing, filing, phones and general office. Computer experience helpful. Full time position with benefits. Send resume or apply in person. An Equal Opportunity Employer.
SECRETARY FULL / PART TIME
Medium sized office seeks dependable person. Duties include typing, filing, phones and general office. Computer experience helpful. Full time position with benefits. Send resume or apply in person. An Equal Opportunity Employer.
Medium sized office seeks dependable person. Duties include typing, filing, phones and general office. Computer experience helpful. Full time position with benefits. Send resume or apply in person. An Equal Opportunity Employer.
SECRETARY
Medium sized office seeks dependable person. Duties include typing, filing, phones and general office. Computer experience helpful. Full time position with benefits. Send resume or apply in person. An Equal Opportunity Employer.
Medium sized office seeks dependable person. Duties include typing, filing, phones and general office. Computer experience helpful. Full time position with benefits. Send resume or apply in person. An Equal Opportunity Employer.
Medium sized office seeks dependable person. Duties include typing, filing, phones and general office. Computer experience helpful. Full time position with benefits. Send resume or apply in person. An Equal Opportunity Employer.
SECRETARY
Medium sized office seeks dependable person. Duties include typing, filing, phones and general office. Computer experience helpful. Full time position with benefits. Send resume or apply in person. An Equal Opportunity Employer.
Medium sized office seeks dependable person. Duties include typing, filing, phones and general office. Computer experience helpful. Full time position with benefits. Send resume or apply in person. An Equal Opportunity Employer.
SECRETARY/MARKETING
Medium sized office seeks dependable person. Duties include typing, filing, phones and general office. Computer experience helpful. Full time position with benefits. Send resume or apply in person. An Equal Opportunity Employer.
Medium sized office seeks dependable person. Duties include typing, filing, phones and general office. Computer experience helpful. Full time position with benefits. Send resume or apply in person. An Equal Opportunity Employer.
"SECRETARY NOW"
Medium sized office seeks dependable person. Duties include typing, filing, phones and general office. Computer experience helpful. Full time position with benefits. Send resume or apply in person. An Equal Opportunity Employer.
Medium sized office seeks dependable person. Duties include typing, filing, phones and general office. Computer experience helpful. Full time position with benefits. Send resume or apply in person. An Equal Opportunity Employer.
SECRETARY/PART TIME
Medium sized office seeks dependable person. Duties include typing, filing, phones and general office. Computer experience helpful. Full time position with benefits. Send resume or apply in person. An Equal Opportunity Employer.
Medium sized office seeks dependable person. Duties include typing, filing, phones and general office. Computer experience helpful. Full time position with benefits. Send resume or apply in person. An Equal Opportunity Employer.
Medium sized office seeks dependable person. Duties include typing, filing, phones and general office. Computer experience helpful. Full time position with benefits. Send resume or apply in person. An Equal Opportunity Employer.
SECRETARY
Medium sized office seeks dependable person. Duties include typing, filing, phones and general office. Computer experience helpful. Full time position with benefits. Send resume or apply in person. An Equal Opportunity Employer.
Medium sized office seeks dependable person. Duties include typing, filing, phones and general office. Computer experience helpful. Full time position with benefits. Send resume or apply in person. An Equal Opportunity Employer.
Medium sized office seeks dependable person. Duties include typing, filing, phones and general office. Computer experience helpful. Full time position with benefits. Send resume or apply in person. An Equal Opportunity Employer.
504 Help Wanted
Office-Clerical
SECRETARY
Medium sized office seeks dependable person. Duties include typing, filing, phones and general office. Computer experience helpful. Full time position with benefits. Send resume or apply in person. An Equal Opportunity Employer.
Medium sized office seeks dependable person. Duties include typing, filing, phones and general office. Computer experience helpful. Full time position with benefits. Send resume or apply in person. An Equal Opportunity Employer.
435-4100
Medium sized office seeks dependable person. Duties include typing, filing, phones and general office. Computer experience helpful. Full time position with benefits. Send resume or apply in person. An Equal Opportunity Employer.
Medium sized office seeks dependable person. Duties include typing, filing, phones and general office. Computer experience helpful. Full time position with benefits. Send resume or apply in person. An Equal Opportunity Employer.
Medium sized office seeks dependable person. Duties include typing, filing, phones and general office. Computer experience helpful. Full time position with benefits. Send resume or apply in person. An Equal Opportunity Employer.
TRANSCRIPTIONIST
Medium sized office seeks dependable person. Duties include typing, filing, phones and general office. Computer experience helpful. Full time position with benefits. Send resume or apply in person. An Equal Opportunity Employer.
Medium sized office seeks dependable person. Duties include typing, filing, phones and general office. Computer experience helpful. Full time position with benefits. Send resume or apply in person. An Equal Opportunity Employer.
Medium sized office seeks dependable person. Duties include typing, filing, phones and general office. Computer experience helpful. Full time position with benefits. Send resume or apply in person. An Equal Opportunity Employer.
Word Processor
Medium sized office seeks dependable person. Duties include typing, filing, phones and general office. Computer experience helpful. Full time position with benefits. Send resume or apply in person. An Equal Opportunity Employer.
Medium sized office seeks dependable person. Duties include typing, filing, phones and general office. Computer experience helpful. Full time position with benefits. Send resume or apply in person. An Equal Opportunity Employer.
WORD PROCESSORS
Medium sized office seeks dependable person. Duties include typing, filing, phones and general office. Computer experience helpful. Full time position with benefits. Send resume or apply in person. An Equal Opportunity Employer.
Medium sized office seeks dependable person. Duties include typing, filing, phones and general office. Computer experience helpful. Full time position with benefits. Send resume or apply in person. An Equal Opportunity Employer.
Medium sized office seeks dependable person. Duties include typing, filing, phones and general office. Computer experience helpful. Full time position with benefits. Send resume or apply in person. An Equal Opportunity Employer.
KELLY SERVICES
Medium sized office seeks dependable person. Duties include typing, filing, phones and general office. Computer experience helpful. Full time position with benefits. Send resume or apply in person. An Equal Opportunity Employer.
Medium sized office seeks dependable person. Duties include typing, filing, phones and general office. Computer experience helpful. Full time position with benefits. Send resume or apply in person. An Equal Opportunity Employer.
Medium sized office seeks dependable person. Duties include typing, filing, phones and general office. Computer experience helpful. Full time position with benefits. Send resume or apply in person. An Equal Opportunity Employer.
CORPORATE PERSONNEL SERVICES
Medium sized office seeks dependable person. Duties include typing, filing, phones and general office. Computer experience helpful. Full time position with benefits. Send resume or apply in person. An Equal Opportunity Employer.
Medium sized office seeks dependable person. Duties include typing, filing, phones and general office. Computer experience helpful. Full time position with benefits. Send resume or apply in person. An Equal Opportunity Employer.
374-1112
505 Help Wanted Food-Beverage
Medium sized office seeks dependable person. Duties include typing, filing, phones and general office. Computer experience helpful. Full time position with benefits. Send resume or apply in person. An Equal Opportunity Employer.
Medium sized office seeks dependable person. Duties include typing, filing, phones and general office. Computer experience helpful. Full time position with benefits. Send resume or apply in person. An Equal Opportunity Employer.
BEVERLY HILLS GRILL
Medium sized office seeks dependable person. Duties include typing, filing, phones and general office. Computer experience helpful. Full time position with benefits. Send resume or apply in person. An Equal Opportunity Employer.
Medium sized office seeks dependable person. Duties include typing, filing, phones and general office. Computer experience helpful. Full time position with benefits. Send resume or apply in person. An Equal Opportunity Employer.
Medium sized office seeks dependable person. Duties include typing, filing, phones and general office. Computer experience helpful. Full time position with benefits. Send resume or apply in person. An Equal Opportunity Employer.
220
Medium sized office seeks dependable person. Duties include typing, filing, phones and general office. Computer experience helpful. Full time position with benefits. Send resume or apply in person. An Equal Opportunity Employer.
Medium sized office seeks dependable person. Duties include typing, filing, phones and general office. Computer experience helpful. Full time position with benefits. Send resume or apply in person. An Equal Opportunity Employer.
Medium sized office seeks dependable person. Duties include typing, filing, phones and general office. Computer experience helpful. Full time position with benefits. Send resume or apply in person. An Equal Opportunity Employer.
BANQUET SERVERS
Medium sized office seeks dependable person. Duties include typing, filing, phones and general office. Computer experience helpful. Full time position with benefits. Send resume or apply in person. An Equal Opportunity Employer.
Medium sized office seeks dependable person. Duties include typing, filing, phones and general office. Computer experience helpful. Full time position with benefits. Send resume or apply in person. An Equal Opportunity Employer.
Medium sized office seeks dependable person. Duties include typing, filing, phones and general office. Computer experience helpful. Full time position with benefits. Send resume or apply in person. An Equal Opportunity Employer.
